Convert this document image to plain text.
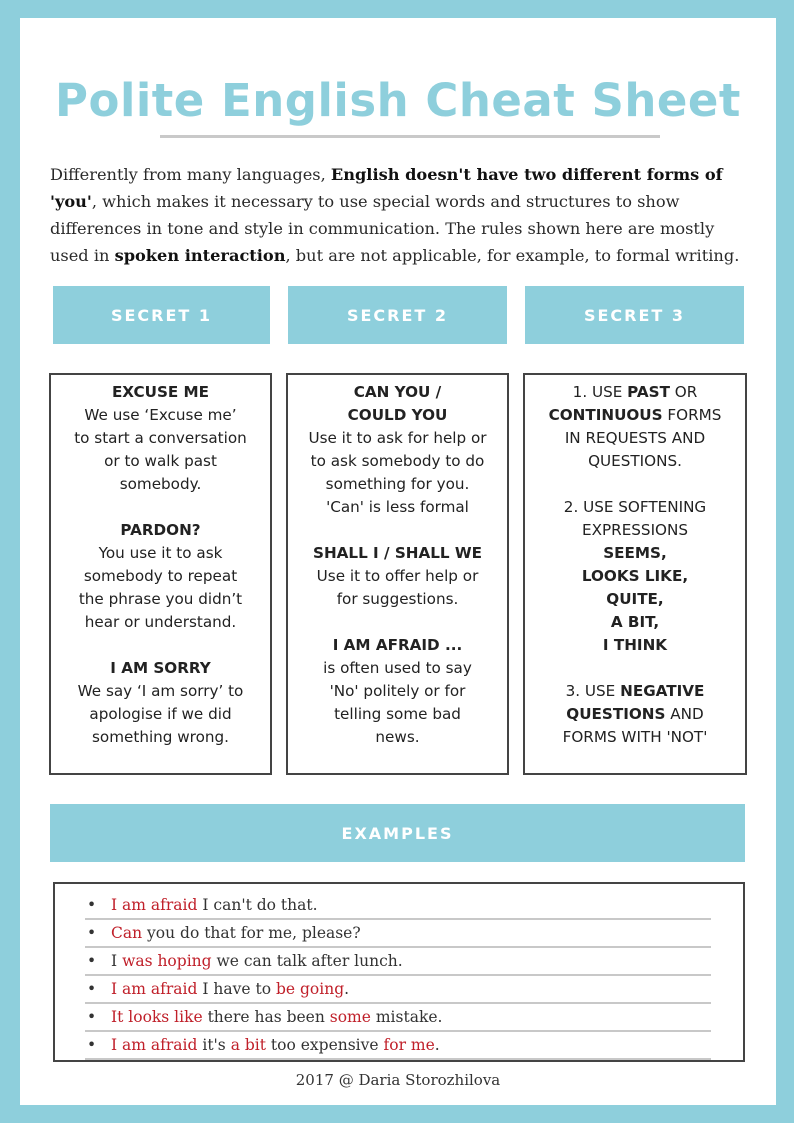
Polite English Cheat Sheet
Differently from many languages, English doesn't have two different forms of 'you', which makes it necessary to use special words and structures to show differences in tone and style in communication. The rules shown here are mostly used in spoken interaction, but are not applicable, for example, to formal writing.
SECRET 1	SECRET 2	SECRET 3
EXCUSE ME
We use ‘Excuse me’
to start a conversation
or to walk past
somebody.
PARDON?
You use it to ask
somebody to repeat
the phrase you didn’t
hear or understand.
I AM SORRY
We say ‘I am sorry’ to
apologise if we did
something wrong.
CAN YOU /
COULD YOU
Use it to ask for help or
to ask somebody to do
something for you.
'Can' is less formal
SHALL I / SHALL WE
Use it to offer help or
for suggestions.
I AM AFRAID ...
is often used to say
'No' politely or for
telling some bad
news.
1. USE PAST OR
CONTINUOUS FORMS
IN REQUESTS AND
QUESTIONS.
2. USE SOFTENING
EXPRESSIONS
SEEMS,
LOOKS LIKE,
QUITE,
A BIT,
I THINK
3. USE NEGATIVE
QUESTIONS AND
FORMS WITH 'NOT'
EXAMPLES
• I am afraid I can't do that.
• Can you do that for me, please?
• I was hoping we can talk after lunch.
• I am afraid I have to be going.
• It looks like there has been some mistake.
• I am afraid it's a bit too expensive for me.
2017 @ Daria Storozhilova
